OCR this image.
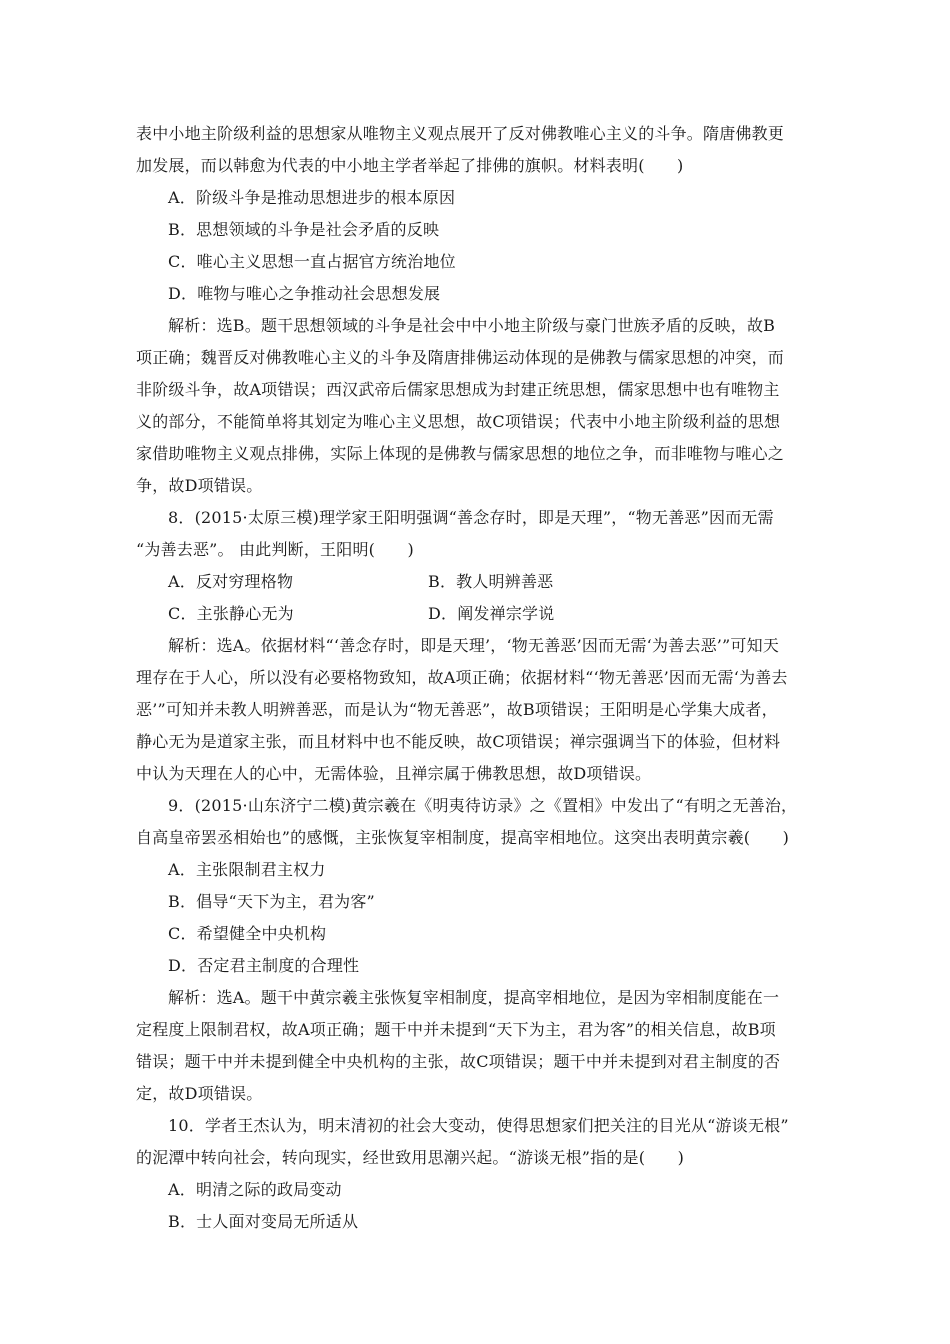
表中小地主阶级利益的思想家从唯物主义观点展开了反对佛教唯心主义的斗争。隋唐佛教更
加发展，而以韩愈为代表的中小地主学者举起了排佛的旗帜。材料表明(　　)
A．阶级斗争是推动思想进步的根本原因
B．思想领域的斗争是社会矛盾的反映
C．唯心主义思想一直占据官方统治地位
D．唯物与唯心之争推动社会思想发展
解析：选B。题干思想领域的斗争是社会中中小地主阶级与豪门世族矛盾的反映，故B
项正确；魏晋反对佛教唯心主义的斗争及隋唐排佛运动体现的是佛教与儒家思想的冲突，而
非阶级斗争，故A项错误；西汉武帝后儒家思想成为封建正统思想，儒家思想中也有唯物主
义的部分，不能简单将其划定为唯心主义思想，故C项错误；代表中小地主阶级利益的思想
家借助唯物主义观点排佛，实际上体现的是佛教与儒家思想的地位之争，而非唯物与唯心之
争，故D项错误。
8．(2015·太原三模)理学家王阳明强调“善念存时，即是天理”，“物无善恶”因而无需
“为善去恶”。 由此判断，王阳明(　　)
A．反对穷理格物	B．教人明辨善恶
C．主张静心无为	D．阐发禅宗学说
解析：选A。依据材料“‘善念存时，即是天理’，‘物无善恶’因而无需‘为善去恶’”可知天
理存在于人心，所以没有必要格物致知，故A项正确；依据材料“‘物无善恶’因而无需‘为善去
恶’”可知并未教人明辨善恶，而是认为“物无善恶”，故B项错误；王阳明是心学集大成者，
静心无为是道家主张，而且材料中也不能反映，故C项错误；禅宗强调当下的体验，但材料
中认为天理在人的心中，无需体验，且禅宗属于佛教思想，故D项错误。
9．(2015·山东济宁二模)黄宗羲在《明夷待访录》之《置相》中发出了“有明之无善治，
自高皇帝罢丞相始也”的感慨，主张恢复宰相制度，提高宰相地位。这突出表明黄宗羲(　　)
A．主张限制君主权力
B．倡导“天下为主，君为客”
C．希望健全中央机构
D．否定君主制度的合理性
解析：选A。题干中黄宗羲主张恢复宰相制度，提高宰相地位，是因为宰相制度能在一
定程度上限制君权，故A项正确；题干中并未提到“天下为主，君为客”的相关信息，故B项
错误；题干中并未提到健全中央机构的主张，故C项错误；题干中并未提到对君主制度的否
定，故D项错误。
10．学者王杰认为，明末清初的社会大变动，使得思想家们把关注的目光从“游谈无根”
的泥潭中转向社会，转向现实，经世致用思潮兴起。“游谈无根”指的是(　　)
A．明清之际的政局变动
B．士人面对变局无所适从
